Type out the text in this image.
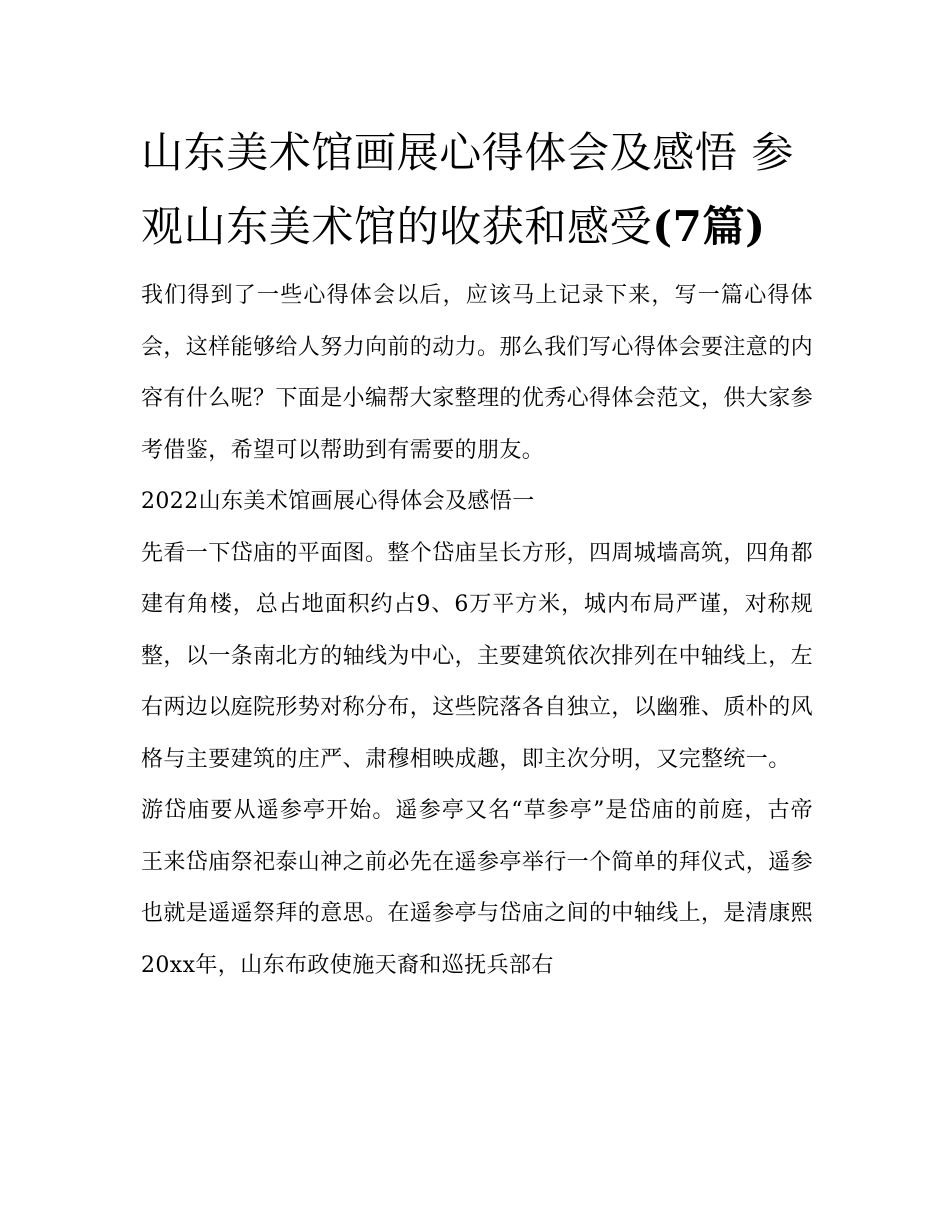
山东美术馆画展心得体会及感悟 参观山东美术馆的收获和感受(7篇)

我们得到了一些心得体会以后，应该马上记录下来，写一篇心得体会，这样能够给人努力向前的动力。那么我们写心得体会要注意的内容有什么呢？下面是小编帮大家整理的优秀心得体会范文，供大家参考借鉴，希望可以帮助到有需要的朋友。

2022山东美术馆画展心得体会及感悟一

先看一下岱庙的平面图。整个岱庙呈长方形，四周城墙高筑，四角都建有角楼，总占地面积约占9、6万平方米，城内布局严谨，对称规整，以一条南北方的轴线为中心，主要建筑依次排列在中轴线上，左右两边以庭院形势对称分布，这些院落各自独立，以幽雅、质朴的风格与主要建筑的庄严、肃穆相映成趣，即主次分明，又完整统一。

游岱庙要从遥参亭开始。遥参亭又名“草参亭”是岱庙的前庭，古帝王来岱庙祭祀泰山神之前必先在遥参亭举行一个简单的拜仪式，遥参也就是遥遥祭拜的意思。在遥参亭与岱庙之间的中轴线上，是清康熙20xx年，山东布政使施天裔和巡抚兵部右
